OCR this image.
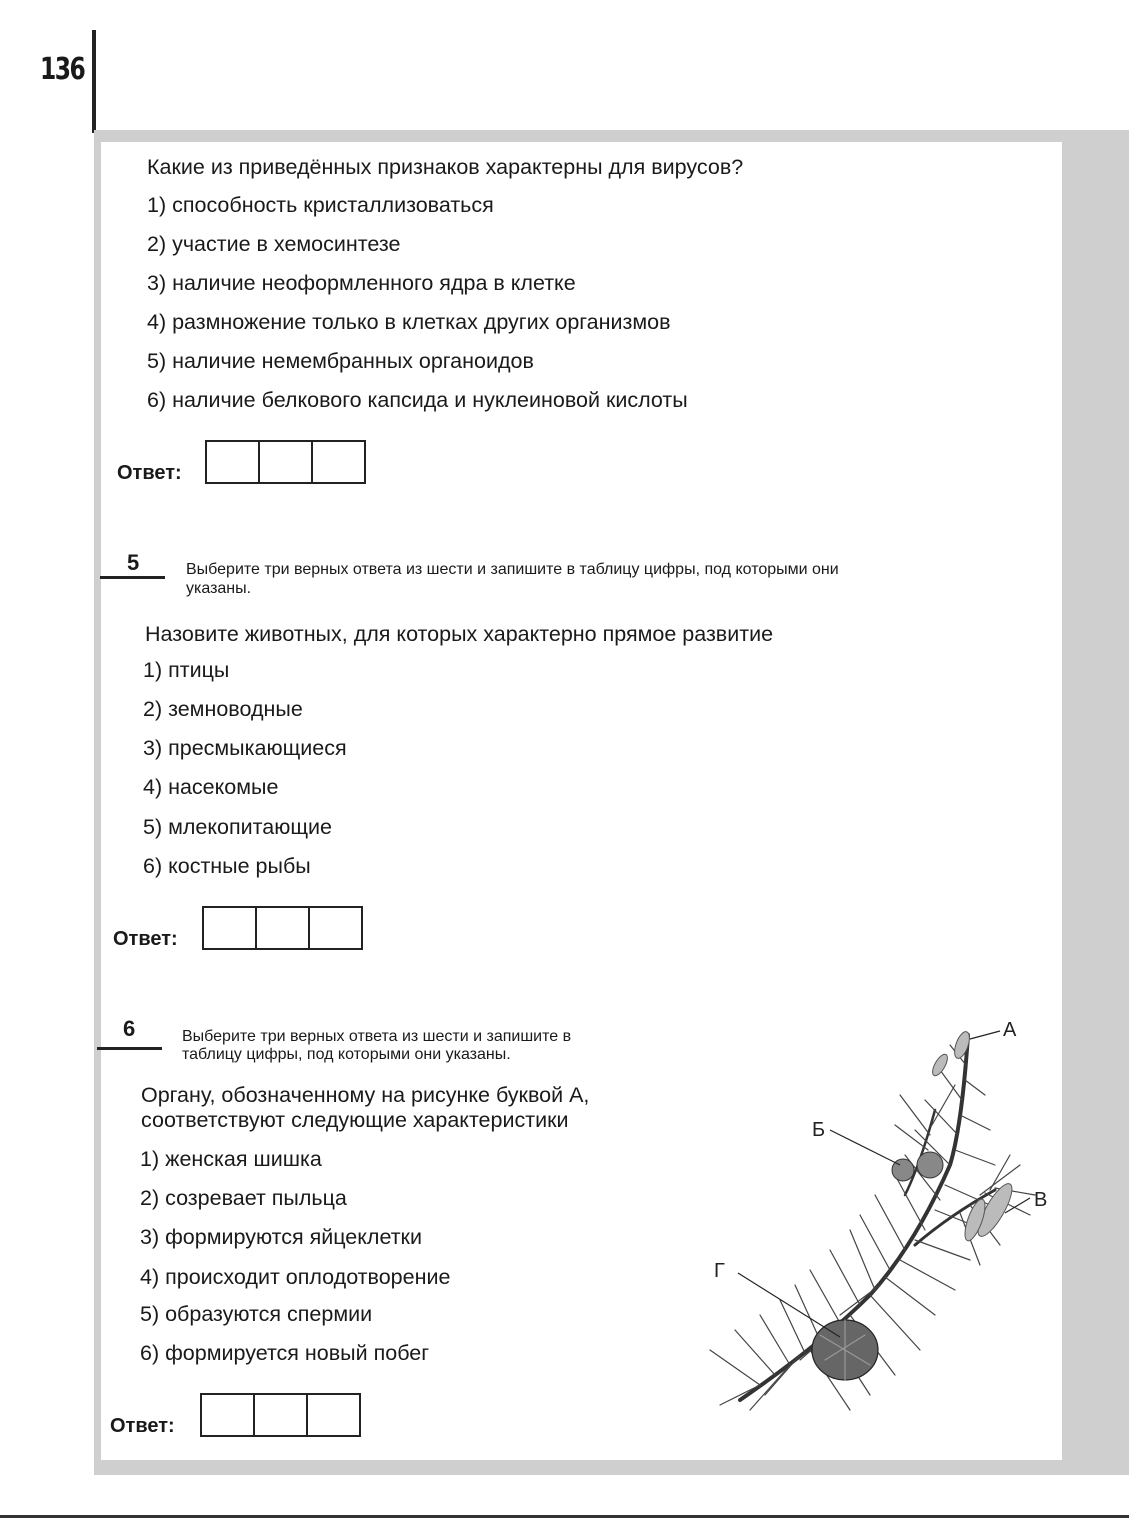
136
Какие из приведённых признаков характерны для вирусов?
1) способность кристаллизоваться
2) участие в хемосинтезе
3) наличие неоформленного ядра в клетке
4) размножение только в клетках других организмов
5) наличие немембранных органоидов
6) наличие белкового капсида и нуклеиновой кислоты
Ответ:
5	Выберите три верных ответа из шести и запишите в таблицу цифры, под которыми они
указаны.
Назовите животных, для которых характерно прямое развитие
1) птицы
2) земноводные
3) пресмыкающиеся
4) насекомые
5) млекопитающие
6) костные рыбы
Ответ:
6	Выберите три верных ответа из шести и запишите в
таблицу цифры, под которыми они указаны.
Органу, обозначенному на рисунке буквой А,
соответствуют следующие характеристики
1) женская шишка
2) созревает пыльца
3) формируются яйцеклетки
4) происходит оплодотворение
5) образуются спермии
6) формируется новый побег
Ответ:
А
Б
В
Г
